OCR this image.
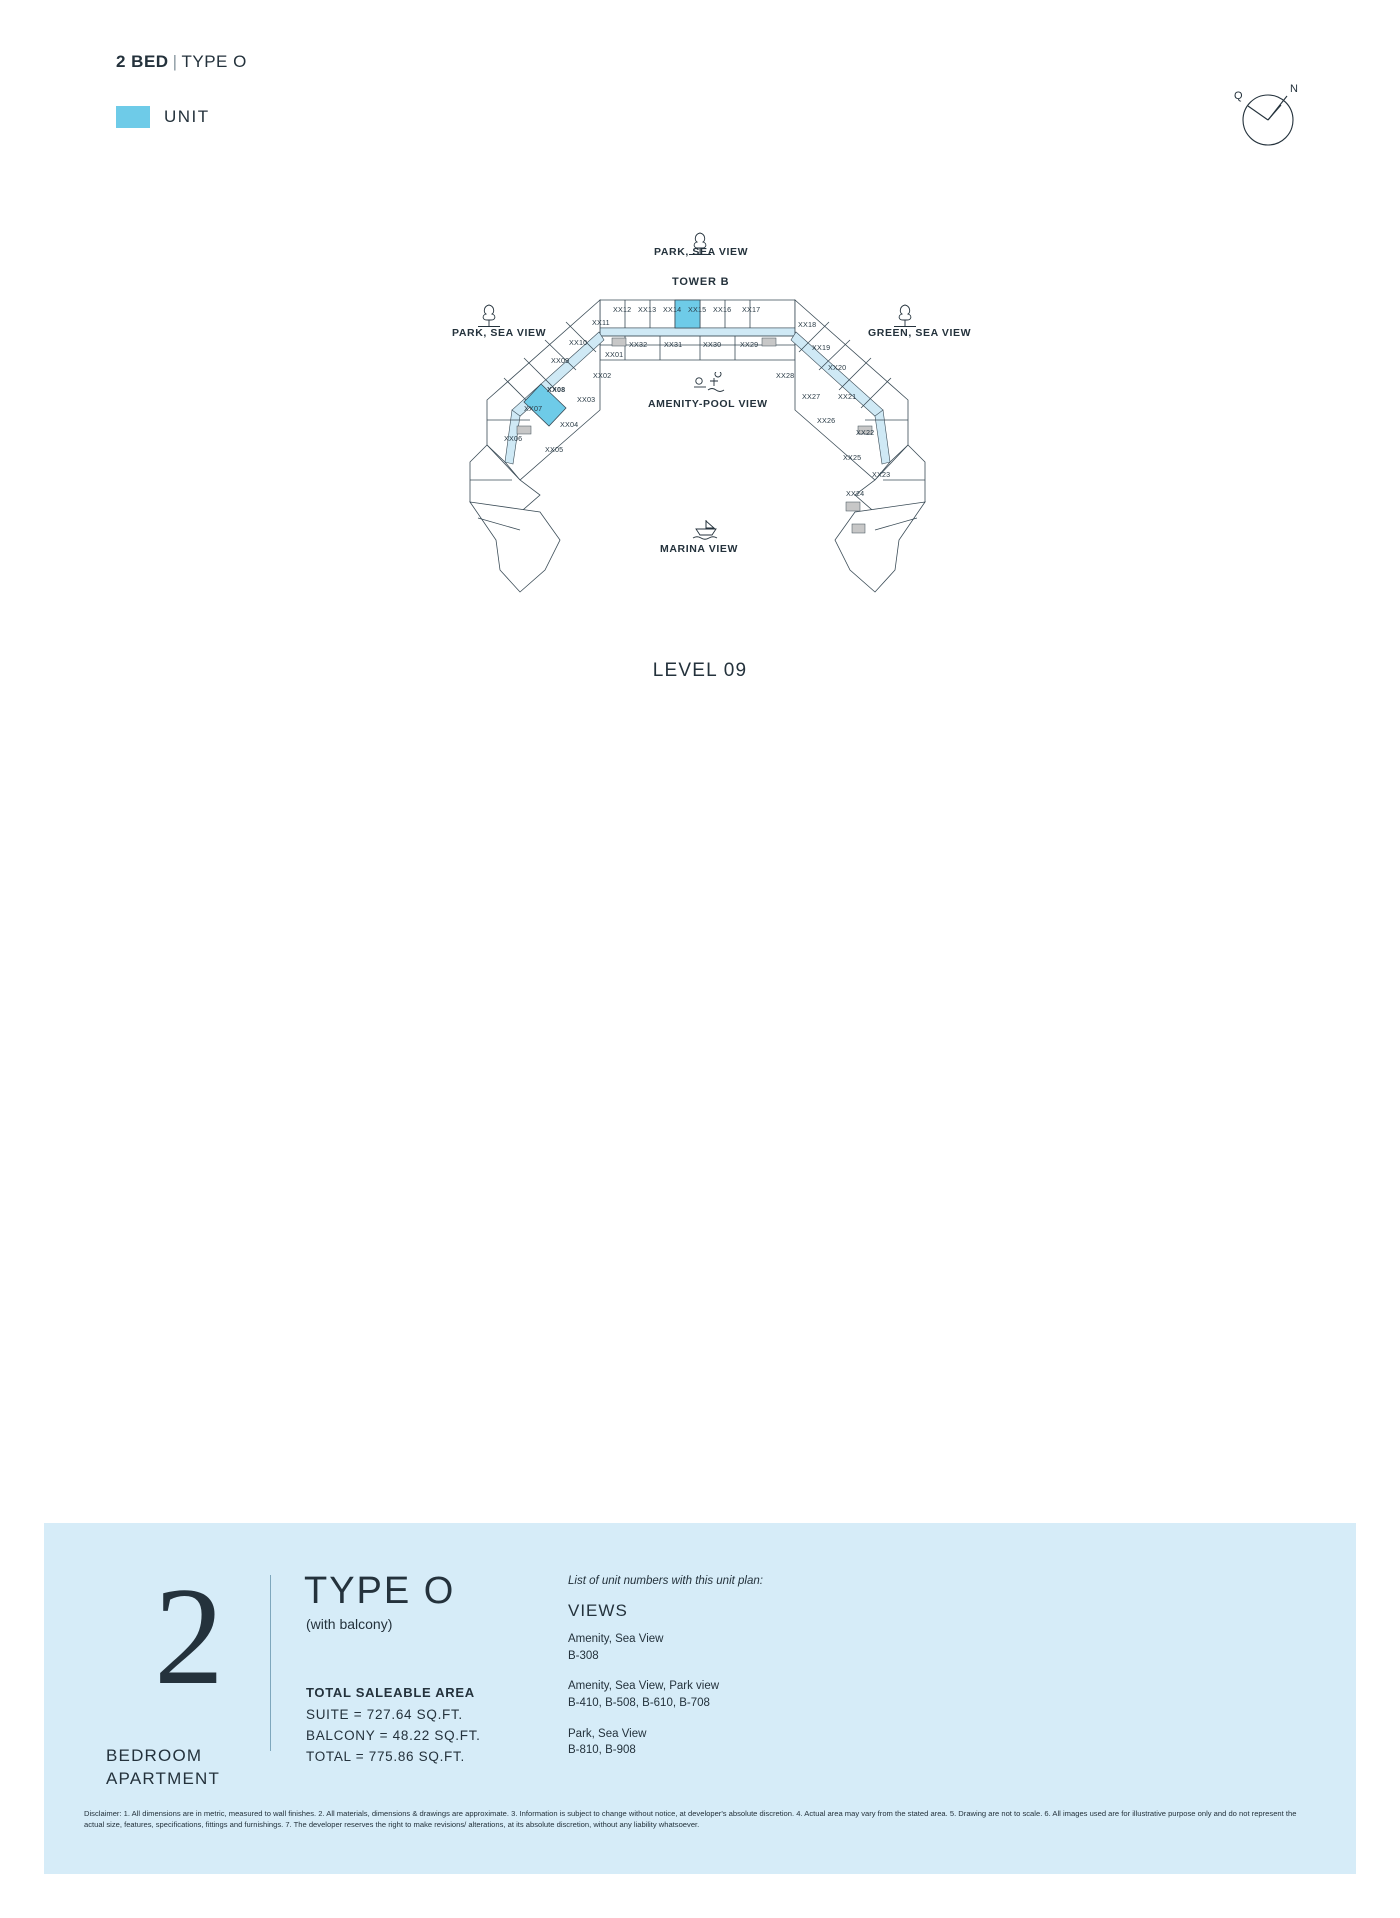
2 BED | TYPE O
UNIT
Q
N
PARK, SEA VIEW
TOWER B
PARK, SEA VIEW	GREEN, SEA VIEW
AMENITY-POOL VIEW
MARINA VIEW
XX12 XX13 XX14 XX15 XX16 XX17
XX32 XX31	XX30	XX29
XX11
XX10
XX09
XX08
XX07
XX06
XX05
XX04
XX03
XX02
XX01
XX18
XX19
XX20
XX21
XX22
XX23
XX24
XX25
XX26
XX27
XX28
LEVEL 09
2
BEDROOM
APARTMENT
TYPE O
(with balcony)
TOTAL SALEABLE AREA
SUITE = 727.64 SQ.FT.
BALCONY = 48.22 SQ.FT.
TOTAL = 775.86 SQ.FT.
List of unit numbers with this unit plan:
VIEWS
Amenity, Sea View
B-308
Amenity, Sea View, Park view
B-410, B-508, B-610, B-708
Park, Sea View
B-810, B-908
Disclaimer: 1. All dimensions are in metric, measured to wall finishes. 2. All materials, dimensions & drawings are approximate. 3. Information is subject to change without notice, at developer's absolute discretion. 4. Actual area may vary from the stated area. 5. Drawing are not to scale. 6. All images used are for illustrative purpose only and do not represent the actual size, features, specifications, fittings and furnishings. 7. The developer reserves the right to make revisions/ alterations, at its absolute discretion, without any liability whatsoever.
